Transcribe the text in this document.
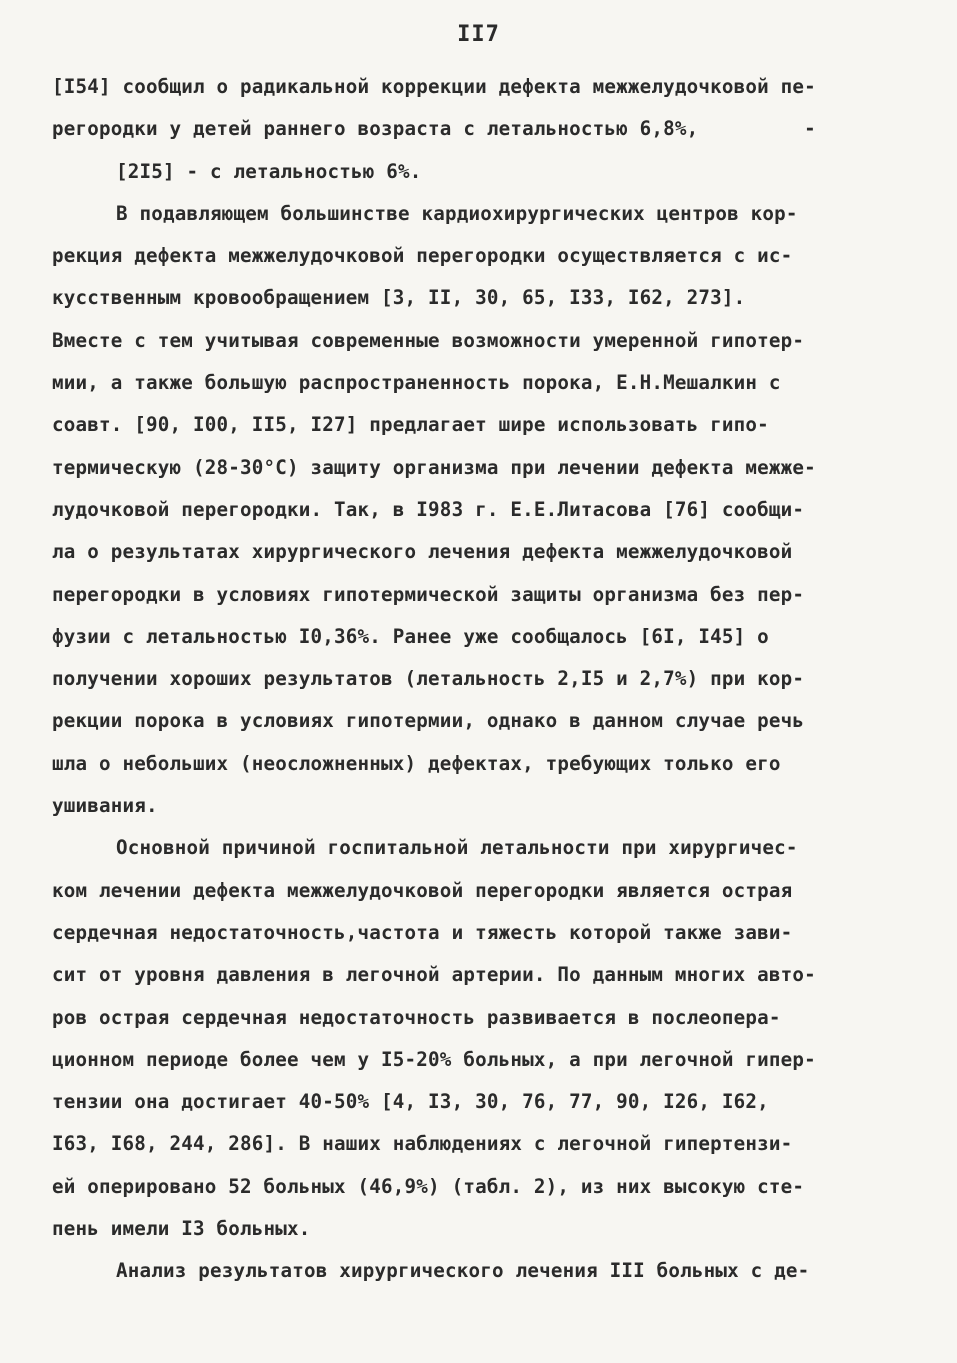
II7
[I54] сообщил о радикальной коррекции дефекта межжелудочковой пе-
регородки у детей раннего возраста с летальностью 6,8%,         -
[2I5] - с летальностью 6%.
В подавляющем большинстве кардиохирургических центров кор-
рекция дефекта межжелудочковой перегородки осуществляется с ис-
кусственным кровообращением [3, II, 30, 65, I33, I62, 273].
Вместе с тем учитывая современные возможности умеренной гипотер-
мии, а также большую распространенность порока, Е.Н.Мешалкин с
соавт. [90, I00, II5, I27] предлагает шире использовать гипо-
термическую (28-30°С) защиту организма при лечении дефекта межже-
лудочковой перегородки. Так, в I983 г. Е.Е.Литасова [76] сообщи-
ла о результатах хирургического лечения дефекта межжелудочковой
перегородки в условиях гипотермической защиты организма без пер-
фузии с летальностью I0,36%. Ранее уже сообщалось [6I, I45] о
получении хороших результатов (летальность 2,I5 и 2,7%) при кор-
рекции порока в условиях гипотермии, однако в данном случае речь
шла о небольших (неосложненных) дефектах, требующих только его
ушивания.
Основной причиной госпитальной летальности при хирургичес-
ком лечении дефекта межжелудочковой перегородки является острая
сердечная недостаточность,частота и тяжесть которой также зави-
сит от уровня давления в легочной артерии. По данным многих авто-
ров острая сердечная недостаточность развивается в послеопера-
ционном периоде более чем у I5-20% больных, а при легочной гипер-
тензии она достигает 40-50% [4, I3, 30, 76, 77, 90, I26, I62,
I63, I68, 244, 286]. В наших наблюдениях с легочной гипертензи-
ей оперировано 52 больных (46,9%) (табл. 2), из них высокую сте-
пень имели I3 больных.
Анализ результатов хирургического лечения III больных с де-
